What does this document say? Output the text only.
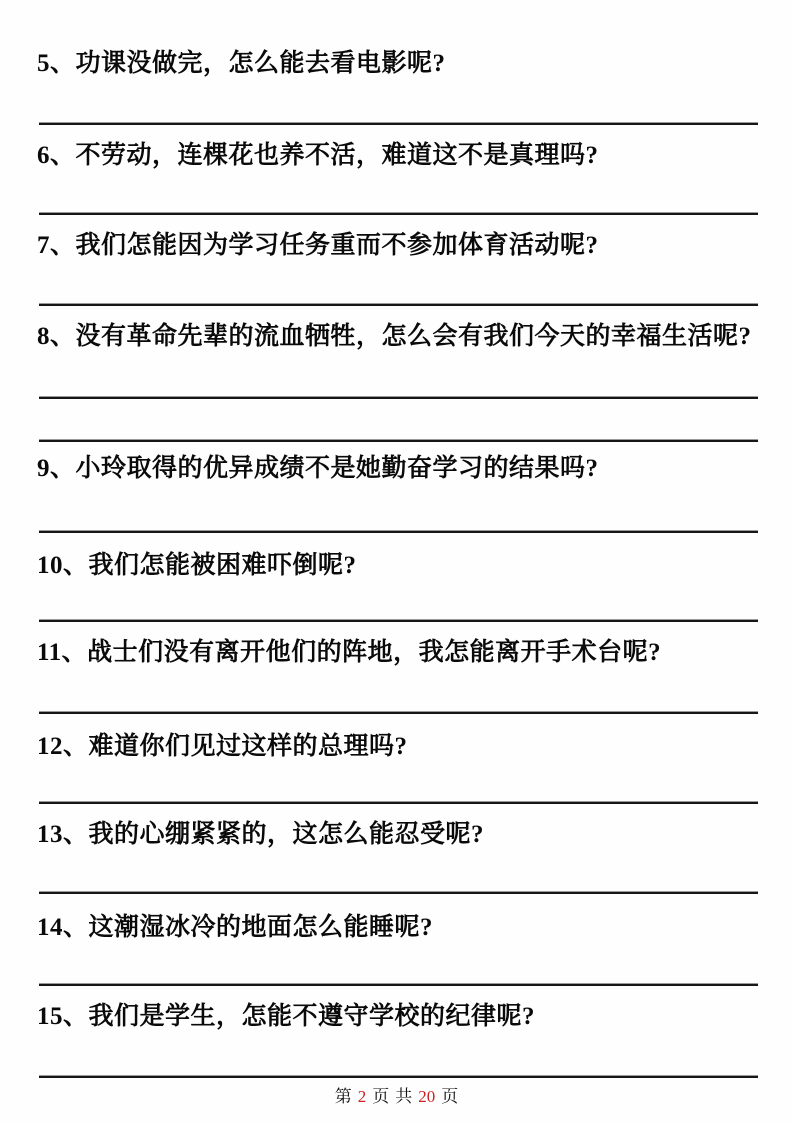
5、功课没做完，怎么能去看电影呢?
6、不劳动，连棵花也养不活，难道这不是真理吗?
7、我们怎能因为学习任务重而不参加体育活动呢?
8、没有革命先辈的流血牺牲，怎么会有我们今天的幸福生活呢?
9、小玲取得的优异成绩不是她勤奋学习的结果吗?
10、我们怎能被困难吓倒呢?
11、战士们没有离开他们的阵地，我怎能离开手术台呢?
12、难道你们见过这样的总理吗?
13、我的心绷紧紧的，这怎么能忍受呢?
14、这潮湿冰冷的地面怎么能睡呢?
15、我们是学生，怎能不遵守学校的纪律呢?
第 2 页 共 20 页
